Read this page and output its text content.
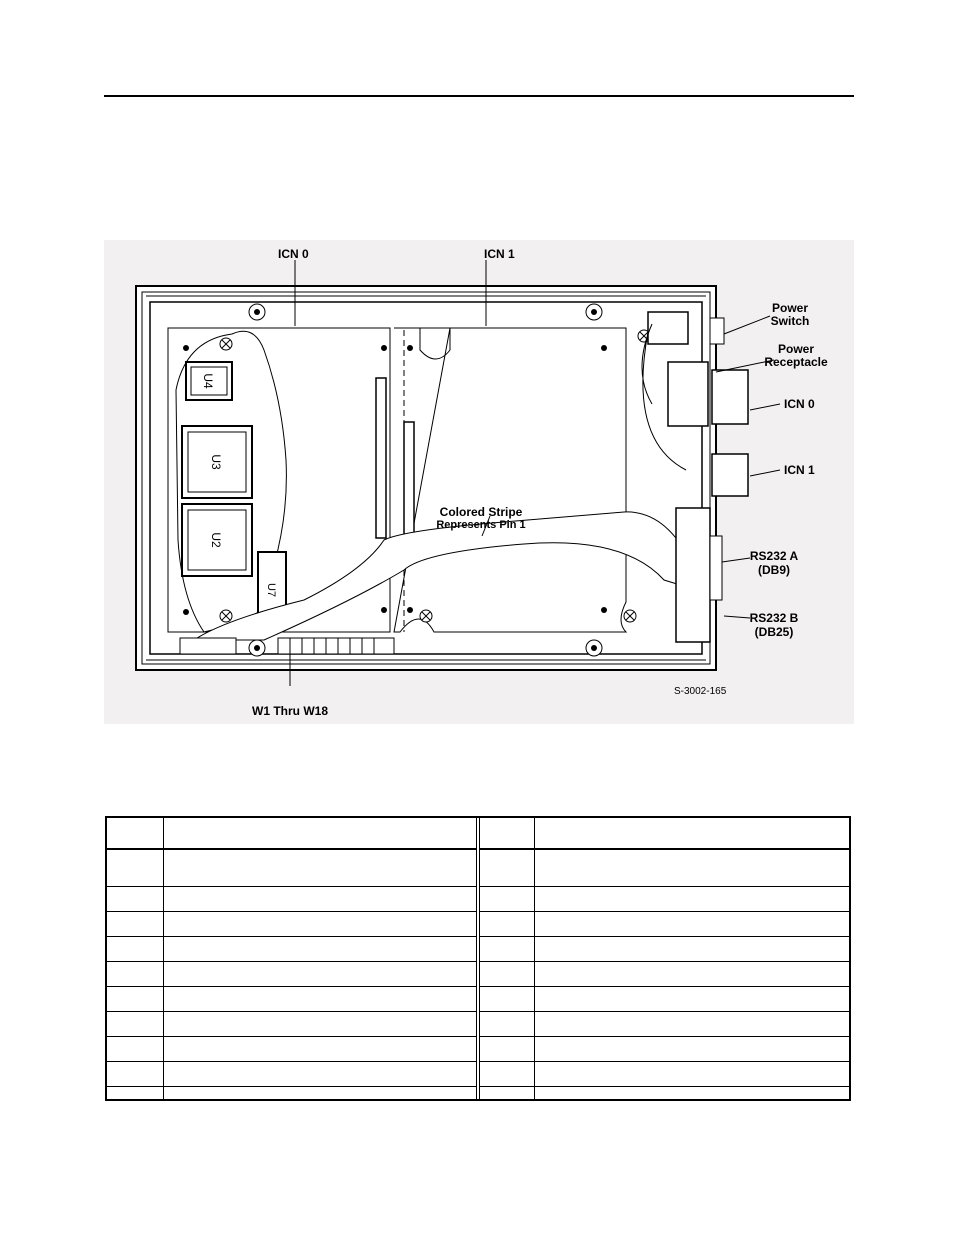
U4
U3
U2
U7
ICN 0	ICN 1
Power
Switch
Power
Receptacle
ICN 0
ICN 1
Colored Stripe
Represents Pin 1
RS232 A
(DB9)
RS232 B
(DB25)
W1 Thru W18
S-3002-165
